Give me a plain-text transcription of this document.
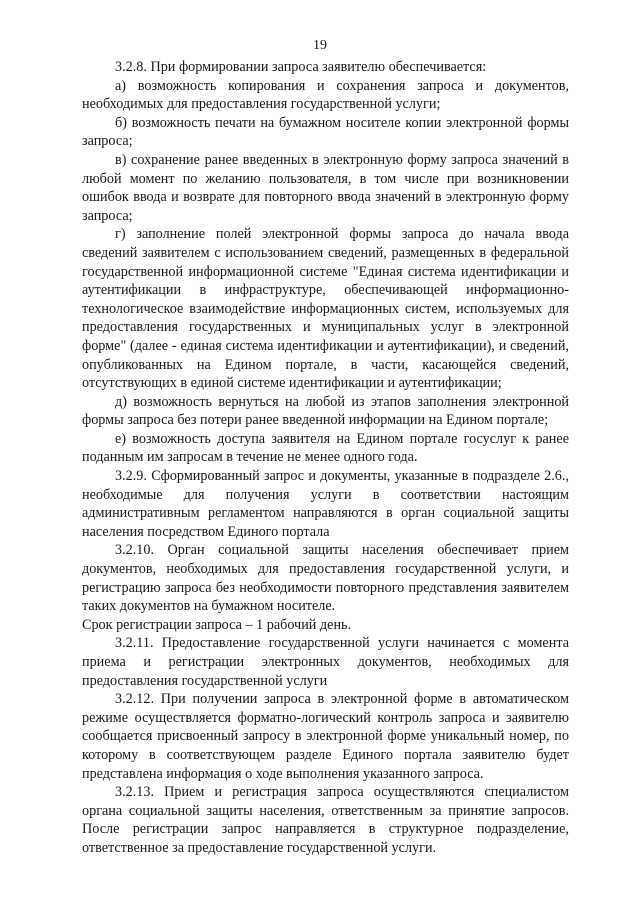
19

3.2.8. При формировании запроса заявителю обеспечивается:

а) возможность копирования и сохранения запроса и документов, необходимых для предоставления государственной услуги;

б) возможность печати на бумажном носителе копии электронной формы запроса;

в) сохранение ранее введенных в электронную форму запроса значений в любой момент по желанию пользователя, в том числе при возникновении ошибок ввода и возврате для повторного ввода значений в электронную форму запроса;

г) заполнение полей электронной формы запроса до начала ввода сведений заявителем с использованием сведений, размещенных в федеральной государственной информационной системе "Единая система идентификации и аутентификации в инфраструктуре, обеспечивающей информационно-технологическое взаимодействие информационных систем, используемых для предоставления государственных и муниципальных услуг в электронной форме" (далее - единая система идентификации и аутентификации), и сведений, опубликованных на Едином портале, в части, касающейся сведений, отсутствующих в единой системе идентификации и аутентификации;

д) возможность вернуться на любой из этапов заполнения электронной формы запроса без потери ранее введенной информации на Едином портале;

е) возможность доступа заявителя на Едином портале госуслуг к ранее поданным им запросам в течение не менее одного года.

3.2.9. Сформированный запрос и документы, указанные в подразделе 2.6., необходимые для получения услуги в соответствии настоящим административным регламентом направляются в орган социальной защиты населения посредством Единого портала

3.2.10. Орган социальной защиты населения обеспечивает прием документов, необходимых для предоставления государственной услуги, и регистрацию запроса без необходимости повторного представления заявителем таких документов на бумажном носителе.

Срок регистрации запроса – 1 рабочий день.

3.2.11. Предоставление государственной услуги начинается с момента приема и регистрации электронных документов, необходимых для предоставления государственной услуги

3.2.12. При получении запроса в электронной форме в автоматическом режиме осуществляется форматно-логический контроль запроса и заявителю сообщается присвоенный запросу в электронной форме уникальный номер, по которому в соответствующем разделе Единого портала заявителю будет представлена информация о ходе выполнения указанного запроса.

3.2.13. Прием и регистрация запроса осуществляются специалистом органа социальной защиты населения, ответственным за принятие запросов. После регистрации запрос направляется в структурное подразделение, ответственное за предоставление государственной услуги.
